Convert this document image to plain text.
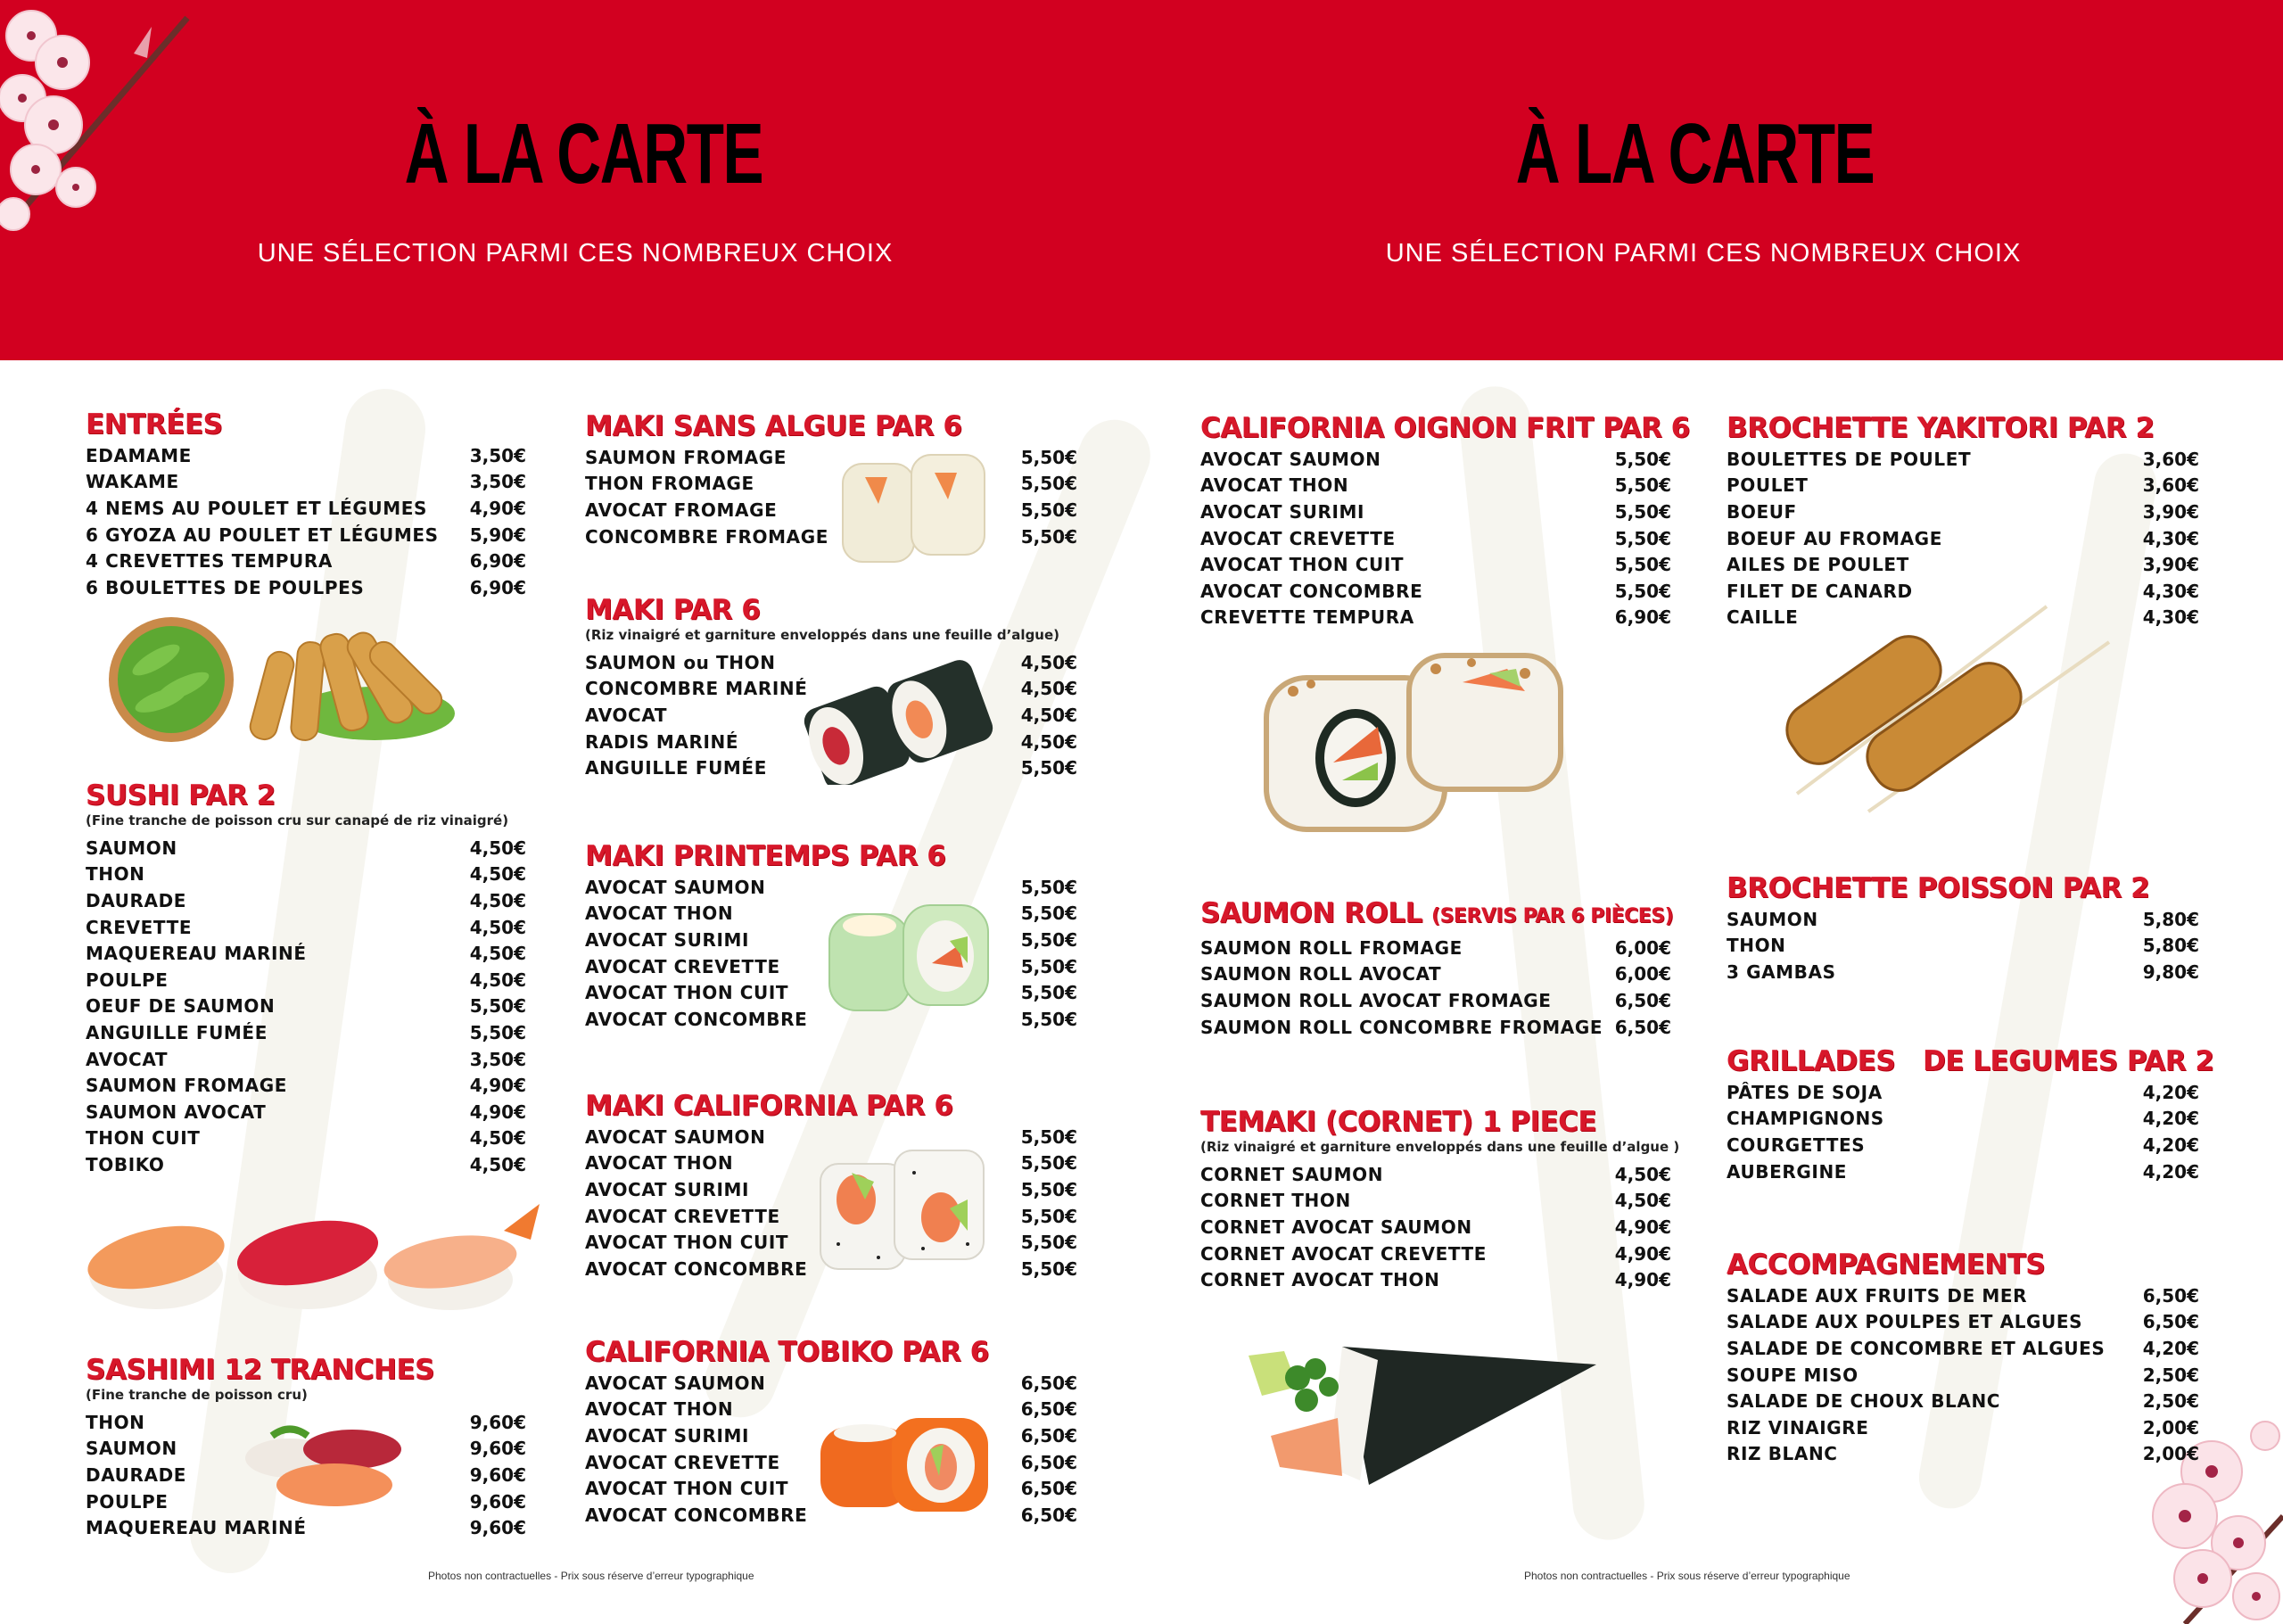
À LA CARTE
UNE SÉLECTION PARMI CES NOMBREUX CHOIX
À LA CARTE
UNE SÉLECTION PARMI CES NOMBREUX CHOIX
ENTRÉES
EDAMAME	3,50€
WAKAME	3,50€
4 NEMS AU POULET ET LÉGUMES 4,90€
6 GYOZA AU POULET ET LÉGUMES 5,90€
4 CREVETTES TEMPURA	6,90€
6 BOULETTES DE POULPES	6,90€
SUSHI PAR 2
(Fine tranche de poisson cru sur canapé de riz vinaigré)
SAUMON	4,50€
THON	4,50€
DAURADE	4,50€
CREVETTE	4,50€
MAQUEREAU MARINÉ	4,50€
POULPE	4,50€
OEUF DE SAUMON	5,50€
ANGUILLE FUMÉE	5,50€
AVOCAT	3,50€
SAUMON FROMAGE	4,90€
SAUMON AVOCAT	4,90€
THON CUIT	4,50€
TOBIKO	4,50€
SASHIMI 12 TRANCHES
(Fine tranche de poisson cru)
THON	9,60€
SAUMON	9,60€
DAURADE	9,60€
POULPE	9,60€
MAQUEREAU MARINÉ	9,60€
MAKI SANS ALGUE PAR 6
SAUMON FROMAGE	5,50€
THON FROMAGE	5,50€
AVOCAT FROMAGE	5,50€
CONCOMBRE FROMAGE	5,50€
MAKI PAR 6
(Riz vinaigré et garniture enveloppés dans une feuille d’algue)
SAUMON ou THON	4,50€
CONCOMBRE MARINÉ	4,50€
AVOCAT	4,50€
RADIS MARINÉ	4,50€
ANGUILLE FUMÉE	5,50€
MAKI PRINTEMPS PAR 6
AVOCAT SAUMON	5,50€
AVOCAT THON	5,50€
AVOCAT SURIMI	5,50€
AVOCAT CREVETTE	5,50€
AVOCAT THON CUIT	5,50€
AVOCAT CONCOMBRE	5,50€
MAKI CALIFORNIA PAR 6
AVOCAT SAUMON	5,50€
AVOCAT THON	5,50€
AVOCAT SURIMI	5,50€
AVOCAT CREVETTE	5,50€
AVOCAT THON CUIT	5,50€
AVOCAT CONCOMBRE	5,50€
CALIFORNIA TOBIKO PAR 6
AVOCAT SAUMON	6,50€
AVOCAT THON	6,50€
AVOCAT SURIMI	6,50€
AVOCAT CREVETTE	6,50€
AVOCAT THON CUIT	6,50€
AVOCAT CONCOMBRE	6,50€
Photos non contractuelles - Prix sous réserve d’erreur typographique
CALIFORNIA OIGNON FRIT PAR 6
AVOCAT SAUMON	5,50€
AVOCAT THON	5,50€
AVOCAT SURIMI	5,50€
AVOCAT CREVETTE	5,50€
AVOCAT THON CUIT	5,50€
AVOCAT CONCOMBRE	5,50€
CREVETTE TEMPURA	6,90€
SAUMON ROLL (SERVIS PAR 6 PIÈCES)
SAUMON ROLL FROMAGE	6,00€
SAUMON ROLL AVOCAT	6,00€
SAUMON ROLL AVOCAT FROMAGE	6,50€
SAUMON ROLL CONCOMBRE FROMAGE 6,50€
TEMAKI (CORNET) 1 PIECE
(Riz vinaigré et garniture enveloppés dans une feuille d’algue )
CORNET SAUMON	4,50€
CORNET THON	4,50€
CORNET AVOCAT SAUMON	4,90€
CORNET AVOCAT CREVETTE	4,90€
CORNET AVOCAT THON	4,90€
Photos non contractuelles - Prix sous réserve d’erreur typographique
BROCHETTE YAKITORI PAR 2
BOULETTES DE POULET	3,60€
POULET	3,60€
BOEUF	3,90€
BOEUF AU FROMAGE	4,30€
AILES DE POULET	3,90€
FILET DE CANARD	4,30€
CAILLE	4,30€
BROCHETTE POISSON PAR 2
SAUMON	5,80€
THON	5,80€
3 GAMBAS	9,80€
GRILLADES   DE LEGUMES PAR 2
PÂTES DE SOJA	4,20€
CHAMPIGNONS	4,20€
COURGETTES	4,20€
AUBERGINE	4,20€
ACCOMPAGNEMENTS
SALADE AUX FRUITS DE MER	6,50€
SALADE AUX POULPES ET ALGUES	6,50€
SALADE DE CONCOMBRE ET ALGUES 4,20€
SOUPE MISO	2,50€
SALADE DE CHOUX BLANC	2,50€
RIZ VINAIGRE	2,00€
RIZ BLANC	2,00€
